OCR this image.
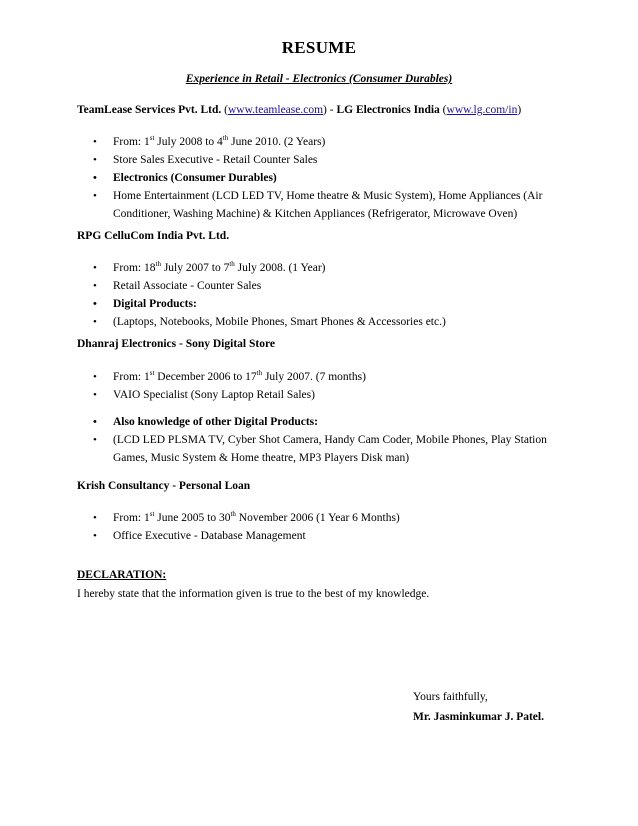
RESUME
Experience in Retail - Electronics (Consumer Durables)
TeamLease Services Pvt. Ltd. (www.teamlease.com) - LG Electronics India (www.lg.com/in)
• From: 1st July 2008 to 4th June 2010. (2 Years)
• Store Sales Executive - Retail Counter Sales
• Electronics (Consumer Durables)
• Home Entertainment (LCD LED TV, Home theatre & Music System), Home Appliances (Air Conditioner, Washing Machine) & Kitchen Appliances (Refrigerator, Microwave Oven)
RPG CelluCom India Pvt. Ltd.
• From: 18th July 2007 to 7th July 2008. (1 Year)
• Retail Associate - Counter Sales
• Digital Products:
• (Laptops, Notebooks, Mobile Phones, Smart Phones & Accessories etc.)
Dhanraj Electronics - Sony Digital Store
• From: 1st December 2006 to 17th July 2007. (7 months)
• VAIO Specialist (Sony Laptop Retail Sales)
• Also knowledge of other Digital Products:
• (LCD LED PLSMA TV, Cyber Shot Camera, Handy Cam Coder, Mobile Phones, Play Station Games, Music System & Home theatre, MP3 Players Disk man)
Krish Consultancy - Personal Loan
• From: 1st June 2005 to 30th November 2006 (1 Year 6 Months)
• Office Executive - Database Management
DECLARATION:
I hereby state that the information given is true to the best of my knowledge.
Yours faithfully,
Mr. Jasminkumar J. Patel.
